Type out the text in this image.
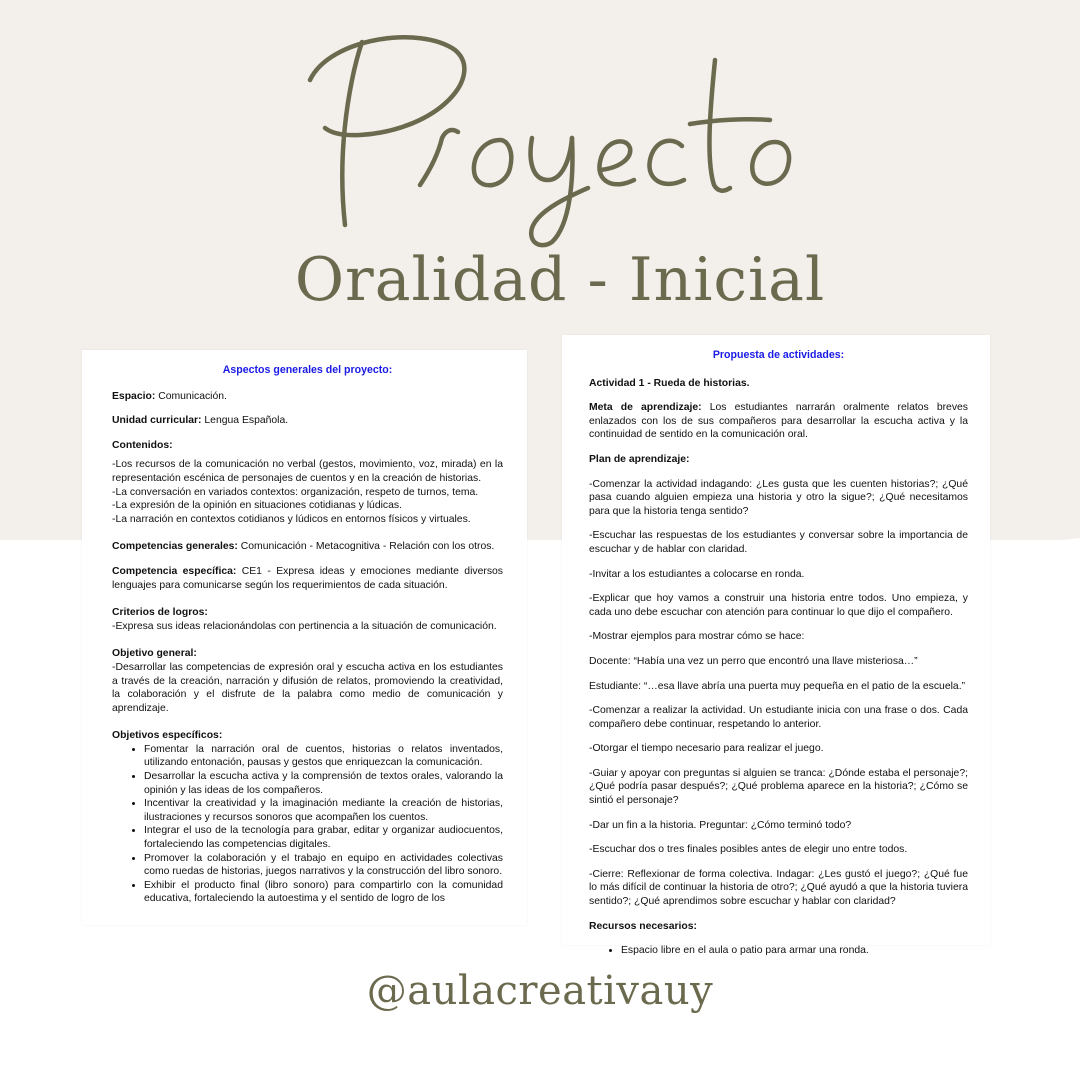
Oralidad - Inicial
Aspectos generales del proyecto:

Espacio: Comunicación.

Unidad curricular: Lengua Española.

Contenidos:

-Los recursos de la comunicación no verbal (gestos, movimiento, voz, mirada) en la representación escénica de personajes de cuentos y en la creación de historias.

-La conversación en variados contextos: organización, respeto de turnos, tema.

-La expresión de la opinión en situaciones cotidianas y lúdicas.

-La narración en contextos cotidianos y lúdicos en entornos físicos y virtuales.

Competencias generales: Comunicación - Metacognitiva - Relación con los otros.

Competencia específica: CE1 - Expresa ideas y emociones mediante diversos lenguajes para comunicarse según los requerimientos de cada situación.

Criterios de logros:

-Expresa sus ideas relacionándolas con pertinencia a la situación de comunicación.

Objetivo general:

-Desarrollar las competencias de expresión oral y escucha activa en los estudiantes a través de la creación, narración y difusión de relatos, promoviendo la creatividad, la colaboración y el disfrute de la palabra como medio de comunicación y aprendizaje.

Objetivos específicos:

• Fomentar la narración oral de cuentos, historias o relatos inventados, utilizando entonación, pausas y gestos que enriquezcan la comunicación.
• Desarrollar la escucha activa y la comprensión de textos orales, valorando la opinión y las ideas de los compañeros.
• Incentivar la creatividad y la imaginación mediante la creación de historias, ilustraciones y recursos sonoros que acompañen los cuentos.
• Integrar el uso de la tecnología para grabar, editar y organizar audiocuentos, fortaleciendo las competencias digitales.
• Promover la colaboración y el trabajo en equipo en actividades colectivas como ruedas de historias, juegos narrativos y la construcción del libro sonoro.
• Exhibir el producto final (libro sonoro) para compartirlo con la comunidad educativa, fortaleciendo la autoestima y el sentido de logro de los
Propuesta de actividades:

Actividad 1 - Rueda de historias.

Meta de aprendizaje: Los estudiantes narrarán oralmente relatos breves enlazados con los de sus compañeros para desarrollar la escucha activa y la continuidad de sentido en la comunicación oral.

Plan de aprendizaje:

-Comenzar la actividad indagando: ¿Les gusta que les cuenten historias?; ¿Qué pasa cuando alguien empieza una historia y otro la sigue?; ¿Qué necesitamos para que la historia tenga sentido?

-Escuchar las respuestas de los estudiantes y conversar sobre la importancia de escuchar y de hablar con claridad.

-Invitar a los estudiantes a colocarse en ronda.

-Explicar que hoy vamos a construir una historia entre todos. Uno empieza, y cada uno debe escuchar con atención para continuar lo que dijo el compañero.

-Mostrar ejemplos para mostrar cómo se hace:

Docente: “Había una vez un perro que encontró una llave misteriosa…”

Estudiante: “…esa llave abría una puerta muy pequeña en el patio de la escuela.”

-Comenzar a realizar la actividad. Un estudiante inicia con una frase o dos. Cada compañero debe continuar, respetando lo anterior.

-Otorgar el tiempo necesario para realizar el juego.

-Guiar y apoyar con preguntas si alguien se tranca: ¿Dónde estaba el personaje?; ¿Qué podría pasar después?; ¿Qué problema aparece en la historia?; ¿Cómo se sintió el personaje?

-Dar un fin a la historia. Preguntar: ¿Cómo terminó todo?

-Escuchar dos o tres finales posibles antes de elegir uno entre todos.

-Cierre: Reflexionar de forma colectiva. Indagar: ¿Les gustó el juego?; ¿Qué fue lo más difícil de continuar la historia de otro?; ¿Qué ayudó a que la historia tuviera sentido?; ¿Qué aprendimos sobre escuchar y hablar con claridad?

Recursos necesarios:

• Espacio libre en el aula o patio para armar una ronda.
@aulacreativauy
